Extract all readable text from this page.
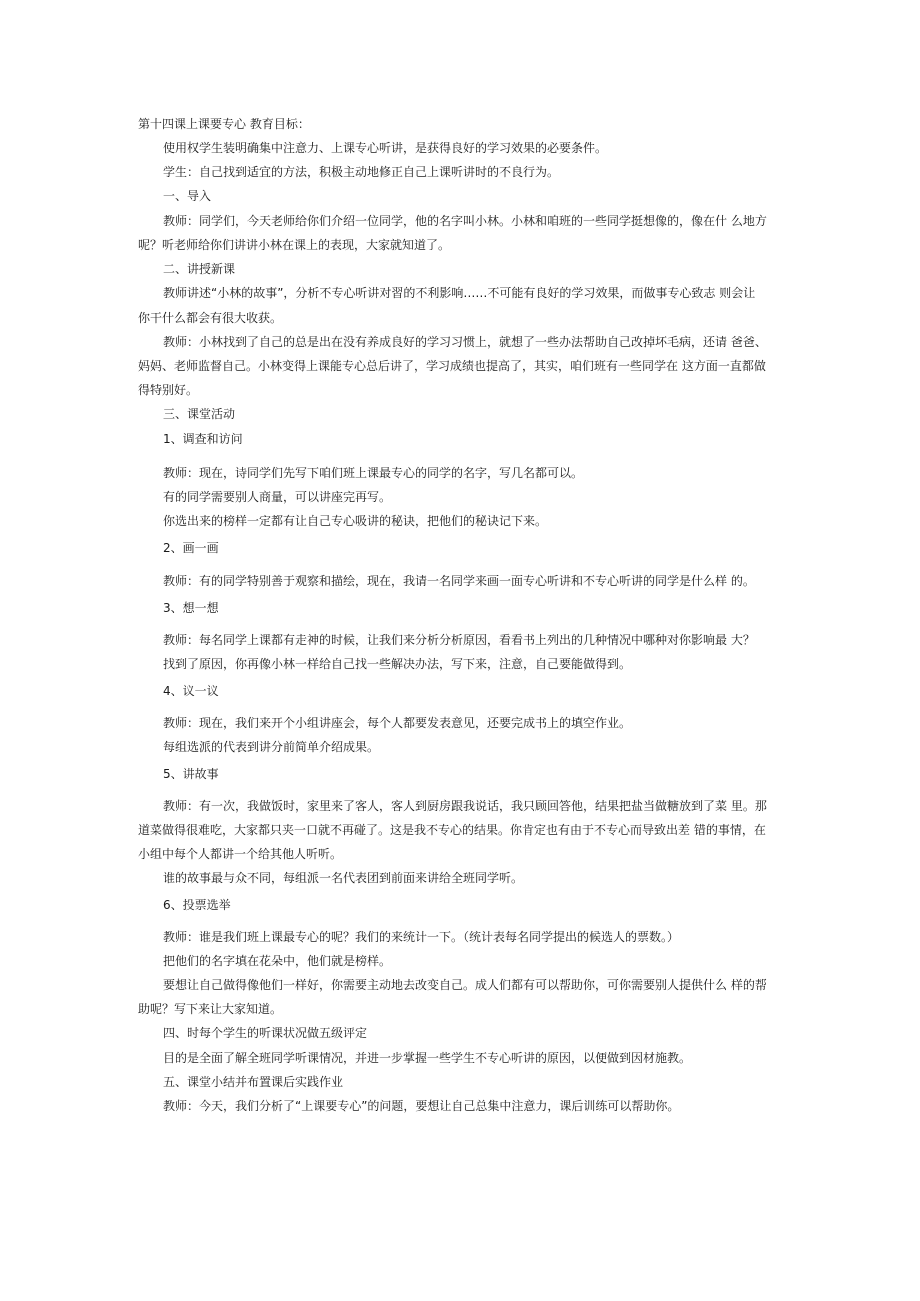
第十四课上课要专心 教育目标：
使用权学生装明确集中注意力、上课专心听讲，是获得良好的学习效果的必要条件。
学生：自己找到适宜的方法，积极主动地修正自己上课听讲时的不良行为。
一、导入
教师：同学们，今天老师给你们介绍一位同学，他的名字叫小林。小林和咱班的一些同学挺想像的，像在什 么地方
呢？听老师给你们讲讲小林在课上的表现，大家就知道了。
二、讲授新课
教师讲述“小林的故事”，分析不专心听讲对習的不利影响……不可能有良好的学习效果，而做事专心致志 则会让
你干什么都会有很大收获。
教师：小林找到了自己的总是出在没有养成良好的学习习惯上，就想了一些办法帮助自己改掉坏毛病，还请 爸爸、
妈妈、老师监督自己。小林变得上课能专心总后讲了，学习成绩也提高了，其实，咱们班有一些同学在 这方面一直都做
得特别好。
三、课堂活动
1、调查和访问
教师：现在，诗同学们先写下咱们班上课最专心的同学的名字，写几名都可以。
有的同学需要别人商量，可以讲座完再写。
你选出来的榜样一定都有让自己专心吸讲的秘诀，把他们的秘诀记下来。
2、画一画
教师：有的同学特别善于观察和描绘，现在，我请一名同学来画一面专心听讲和不专心听讲的同学是什么样 的。
3、想一想
教师：每名同学上课都有走神的时候，让我们来分析分析原因，看看书上列出的几种情况中哪种对你影响最 大？
找到了原因，你再像小林一样给自己找一些解决办法，写下来，注意，自己要能做得到。
4、议一议
教师：现在，我们来开个小组讲座会，每个人都要发表意见，还要完成书上的填空作业。
每组选派的代表到讲分前简单介绍成果。
5、讲故事
教师：有一次，我做饭时，家里来了客人，客人到厨房跟我说话，我只顾回答他，结果把盐当做糖放到了菜 里。那
道菜做得很难吃，大家都只夹一口就不再碰了。这是我不专心的结果。你肯定也有由于不专心而导致出差 错的事情，在
小组中每个人都讲一个给其他人听听。
谁的故事最与众不同，每组派一名代表团到前面来讲给全班同学听。
6、投票选举
教师：谁是我们班上课最专心的呢？我们的来统计一下。（统计表每名同学提出的候选人的票数。）
把他们的名字填在花朵中，他们就是榜样。
要想让自己做得像他们一样好，你需要主动地去改变自己。成人们都有可以帮助你，可你需要别人提供什么 样的帮
助呢？写下来让大家知道。
四、时每个学生的听课状况做五级评定
目的是全面了解全班同学听课情况，并进一步掌握一些学生不专心听讲的原因，以便做到因材施教。
五、课堂小结并布置课后实践作业
教师：今天，我们分析了“上课要专心”的问题，要想让自己总集中注意力，课后训练可以帮助你。
